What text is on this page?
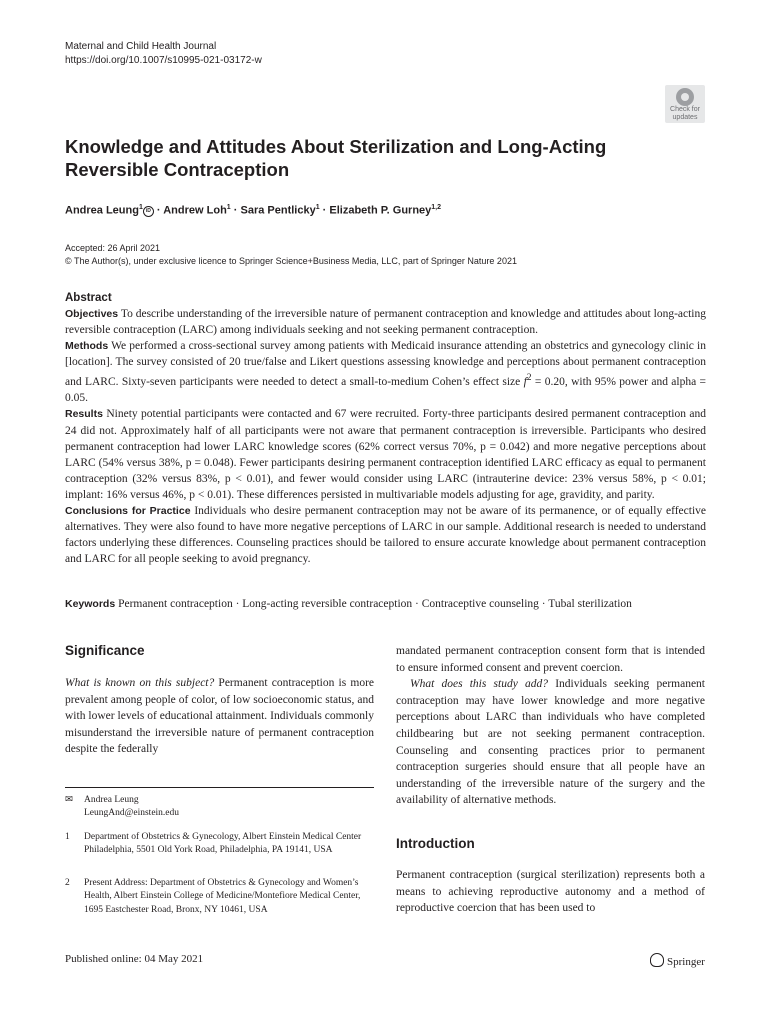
Maternal and Child Health Journal
https://doi.org/10.1007/s10995-021-03172-w
Check for
updates
Knowledge and Attitudes About Sterilization and Long-Acting Reversible Contraception
Andrea Leung$^1$ iD · Andrew Loh$^1$ · Sara Pentlicky$^1$ · Elizabeth P. Gurney$^{1,2}$
Accepted: 26 April 2021
© The Author(s), under exclusive licence to Springer Science+Business Media, LLC, part of Springer Nature 2021
Abstract

Objectives To describe understanding of the irreversible nature of permanent contraception and knowledge and attitudes about long-acting reversible contraception (LARC) among individuals seeking and not seeking permanent contraception.

Methods We performed a cross-sectional survey among patients with Medicaid insurance attending an obstetrics and gynecology clinic in [location]. The survey consisted of 20 true/false and Likert questions assessing knowledge and perceptions about permanent contraception and LARC. Sixty-seven participants were needed to detect a small-to-medium Cohen’s effect size $f^2 = 0.20$, with 95% power and alpha = 0.05.

Results Ninety potential participants were contacted and 67 were recruited. Forty-three participants desired permanent contraception and 24 did not. Approximately half of all participants were not aware that permanent contraception is irreversible. Participants who desired permanent contraception had lower LARC knowledge scores (62% correct versus 70%, p = 0.042) and more negative perceptions about LARC (54% versus 38%, p = 0.048). Fewer participants desiring permanent contraception identified LARC efficacy as equal to permanent contraception (32% versus 83%, p < 0.01), and fewer would consider using LARC (intrauterine device: 23% versus 58%, p < 0.01; implant: 16% versus 46%, p < 0.01). These differences persisted in multivariable models adjusting for age, gravidity, and parity.

Conclusions for Practice Individuals who desire permanent contraception may not be aware of its permanence, or of equally effective alternatives. They were also found to have more negative perceptions of LARC in our sample. Additional research is needed to understand factors underlying these differences. Counseling practices should be tailored to ensure accurate knowledge about permanent contraception and LARC for all people seeking to avoid pregnancy.

Keywords Permanent contraception · Long-acting reversible contraception · Contraceptive counseling · Tubal sterilization
Significance

What is known on this subject? Permanent contraception is more prevalent among people of color, of low socioeconomic status, and with lower levels of educational attainment. Individuals commonly misunderstand the irreversible nature of permanent contraception despite the federally

✉ Andrea Leung
LeungAnd@einstein.edu
1 Department of Obstetrics & Gynecology, Albert Einstein Medical Center Philadelphia, 5501 Old York Road, Philadelphia, PA 19141, USA
2 Present Address: Department of Obstetrics & Gynecology and Women’s Health, Albert Einstein College of Medicine/Montefiore Medical Center, 1695 Eastchester Road, Bronx, NY 10461, USA

mandated permanent contraception consent form that is intended to ensure informed consent and prevent coercion.

What does this study add? Individuals seeking permanent contraception may have lower knowledge and more negative perceptions about LARC than individuals who have completed childbearing but are not seeking permanent contraception. Counseling and consenting practices prior to permanent contraception surgeries should ensure that all people have an understanding of the irreversible nature of the surgery and the availability of alternative methods.

Introduction

Permanent contraception (surgical sterilization) represents both a means to achieving reproductive autonomy and a method of reproductive coercion that has been used to

Published online: 04 May 2021	Springer
